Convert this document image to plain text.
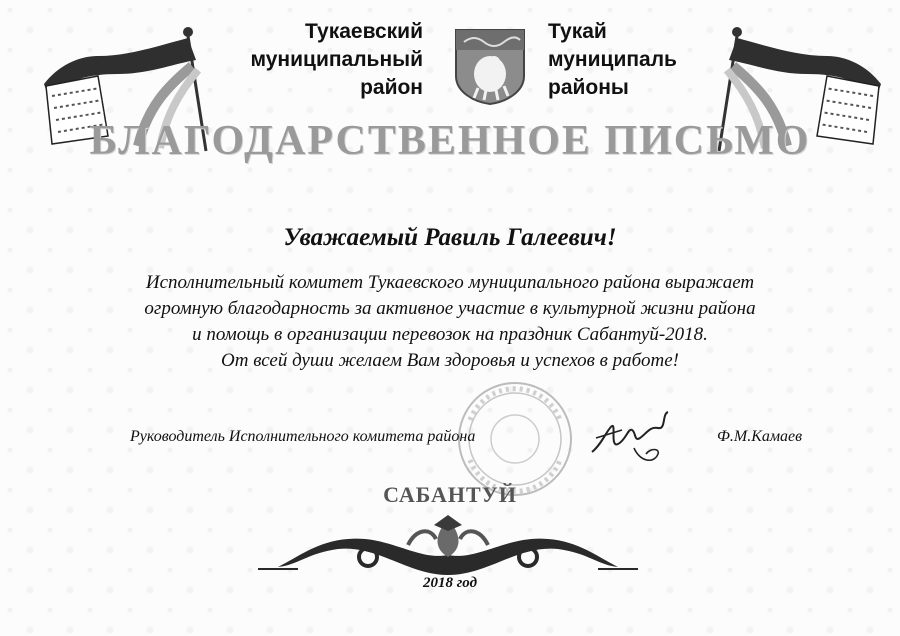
Тукаевский
муниципальный
район
Тукай
муниципаль
районы
БЛАГОДАРСТВЕННОЕ ПИСЬМО
Уважаемый Равиль Галеевич!
Исполнительный комитет Тукаевского муниципального района выражает
огромную благодарность за активное участие в культурной жизни района
и помощь в организации перевозок на праздник Сабантуй-2018.
От всей души желаем Вам здоровья и успехов в работе!
Руководитель Исполнительного комитета района	Ф.М.Камаев
САБАНТУЙ
2018 год
